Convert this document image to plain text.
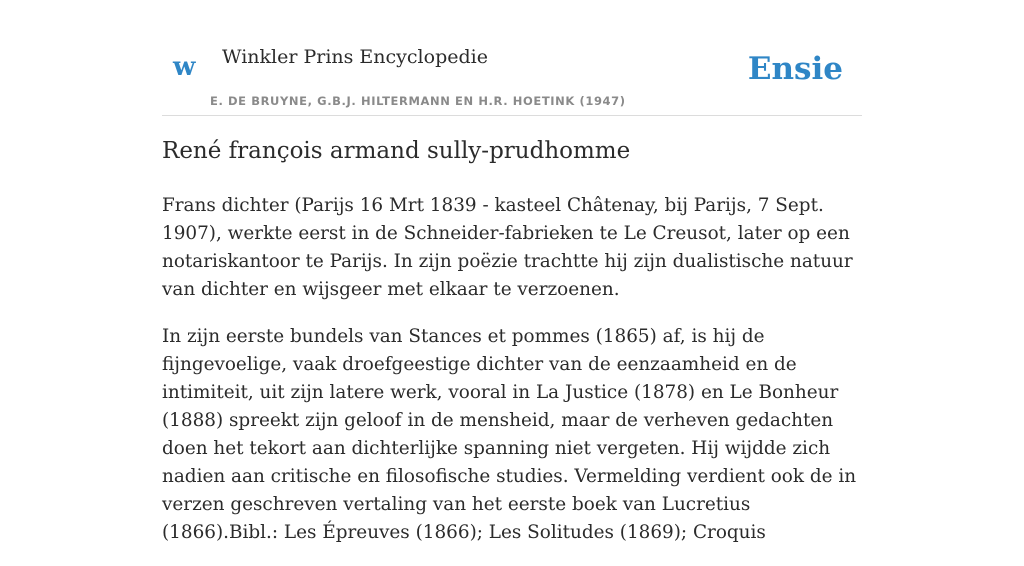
w Winkler Prins Encyclopedie
E. DE BRUYNE, G.B.J. HILTERMANN EN H.R. HOETINK (1947)
Ensie
René françois armand sully-prudhomme

Frans dichter (Parijs 16 Mrt 1839 - kasteel Châtenay, bij Parijs, 7 Sept. 1907), werkte eerst in de Schneider-fabrieken te Le Creusot, later op een notariskantoor te Parijs. In zijn poëzie trachtte hij zijn dualistische natuur van dichter en wijsgeer met elkaar te verzoenen.

In zijn eerste bundels van Stances et pommes (1865) af, is hij de fijngevoelige, vaak droefgeestige dichter van de eenzaamheid en de intimiteit, uit zijn latere werk, vooral in La Justice (1878) en Le Bonheur (1888) spreekt zijn geloof in de mensheid, maar de verheven gedachten doen het tekort aan dichterlijke spanning niet vergeten. Hij wijdde zich nadien aan critische en filosofische studies. Vermelding verdient ook de in verzen geschreven vertaling van het eerste boek van Lucretius (1866).Bibl.: Les Épreuves (1866); Les Solitudes (1869); Croquis
